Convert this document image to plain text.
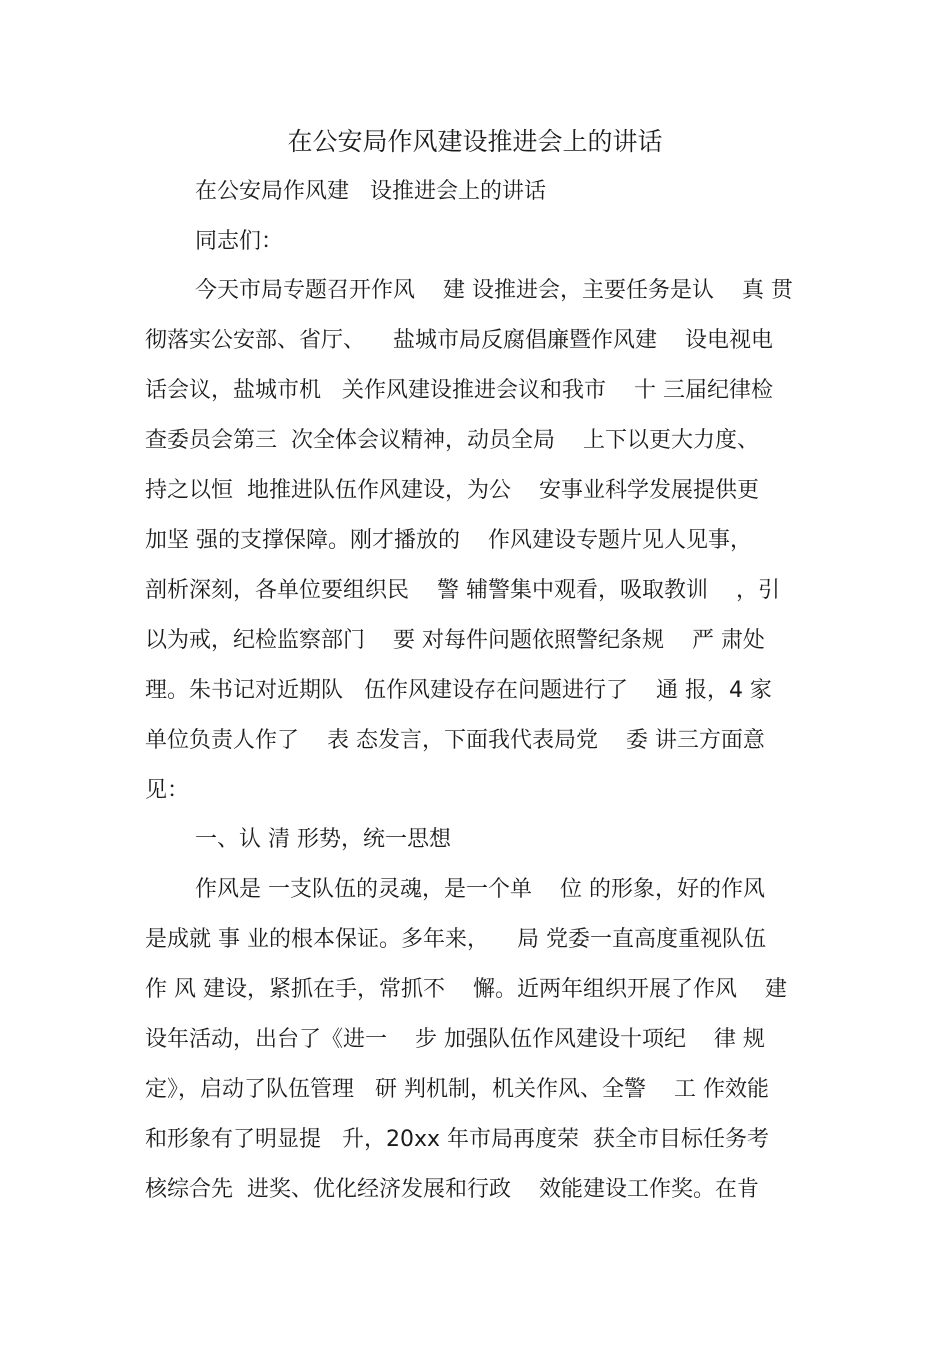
在公安局作风建设推进会上的讲话
在公安局作风建   设推进会上的讲话
同志们：
今天市局专题召开作风    建 设推进会，主要任务是认    真 贯
彻落实公安部、省厅、    盐城市局反腐倡廉暨作风建    设电视电
话会议，盐城市机   关作风建设推进会议和我市    十 三届纪律检
查委员会第三  次全体会议精神，动员全局    上下以更大力度、
持之以恒  地推进队伍作风建设，为公    安事业科学发展提供更
加坚 强的支撑保障。刚才播放的    作风建设专题片见人见事，
剖析深刻，各单位要组织民    警 辅警集中观看，吸取教训    ，引
以为戒，纪检监察部门    要 对每件问题依照警纪条规    严 肃处
理。朱书记对近期队   伍作风建设存在问题进行了    通 报，4 家
单位负责人作了    表 态发言，下面我代表局党    委 讲三方面意
见：
一、认 清 形势，统一思想
作风是 一支队伍的灵魂，是一个单    位 的形象，好的作风
是成就 事 业的根本保证。多年来，    局 党委一直高度重视队伍
作 风 建设，紧抓在手，常抓不    懈。近两年组织开展了作风    建
设年活动，出台了《进一    步 加强队伍作风建设十项纪    律 规
定》，启动了队伍管理   研 判机制，机关作风、全警    工 作效能
和形象有了明显提   升，20xx 年市局再度荣  获全市目标任务考
核综合先  进奖、优化经济发展和行政    效能建设工作奖。在肯
